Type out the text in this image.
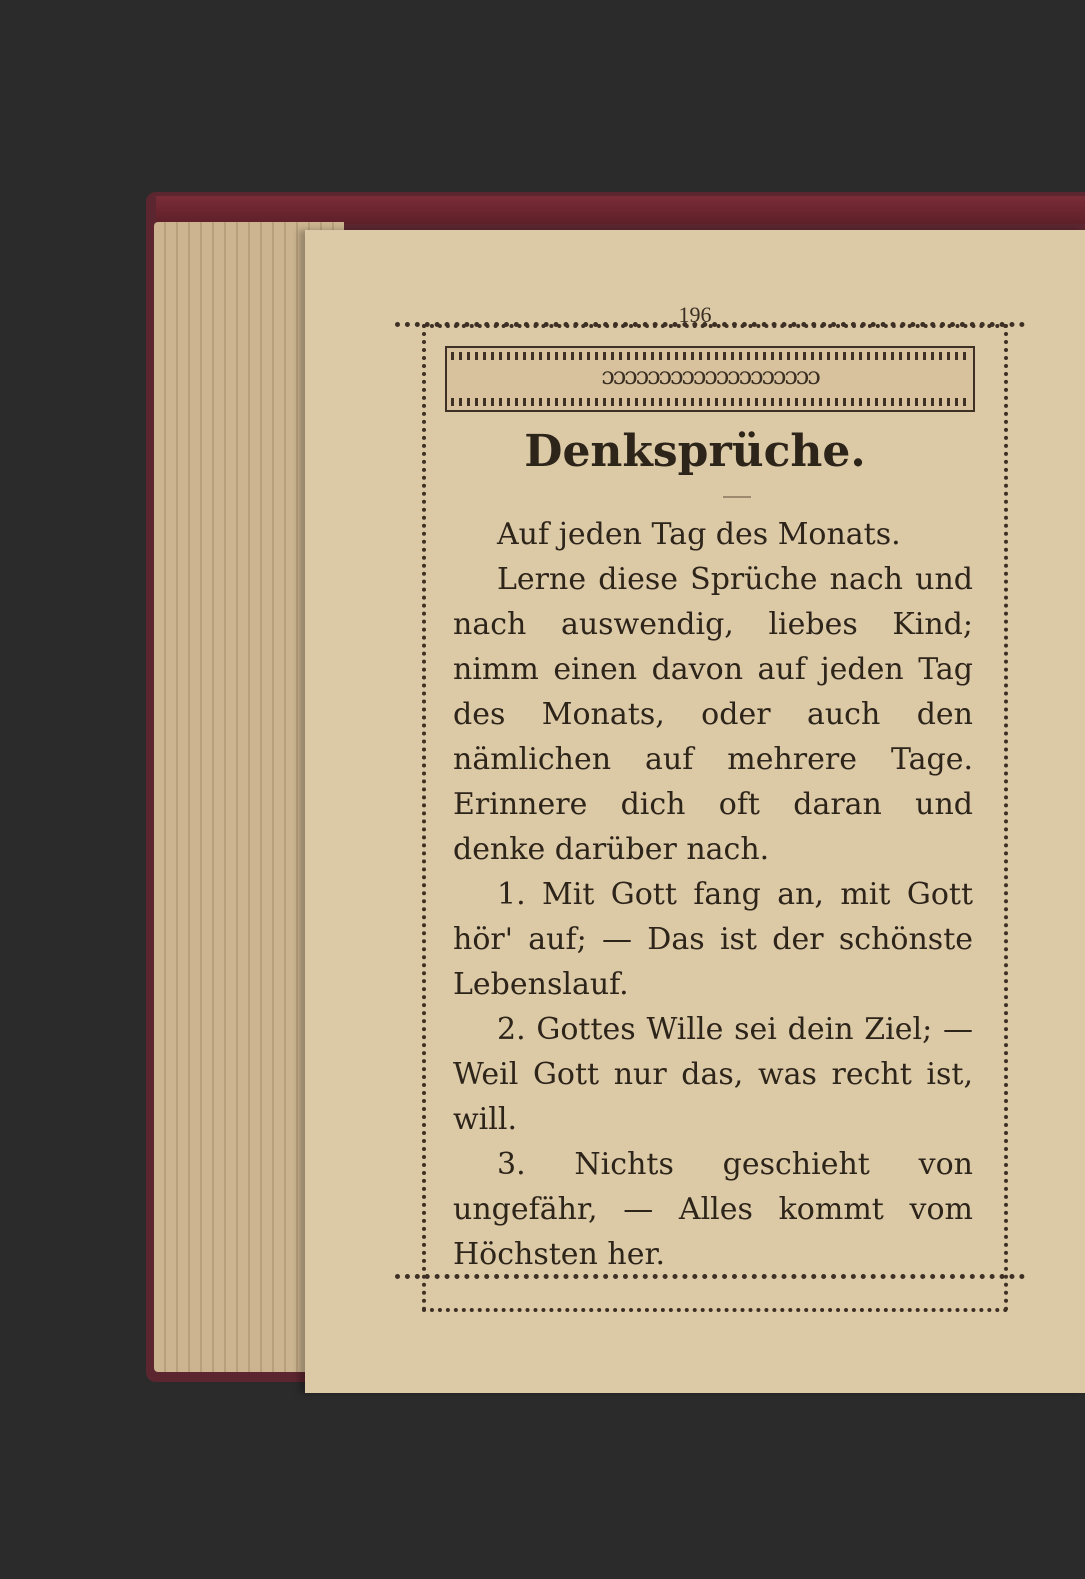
196
ɔɔɔɔɔɔɔɔɔɔɔɔɔɔɔɔɔɔɔ
Denksprüche.

Auf jeden Tag des Monats.

Lerne diese Sprüche nach und nach auswendig, liebes Kind; nimm einen davon auf jeden Tag des Monats, oder auch den nämlichen auf mehrere Tage. Erinnere dich oft daran und denke darüber nach.

1. Mit Gott fang an, mit Gott hör' auf; — Das ist der schönste Lebenslauf.

2. Gottes Wille sei dein Ziel; — Weil Gott nur das, was recht ist, will.

3. Nichts geschieht von ungefähr, — Alles kommt vom Höchsten her.
